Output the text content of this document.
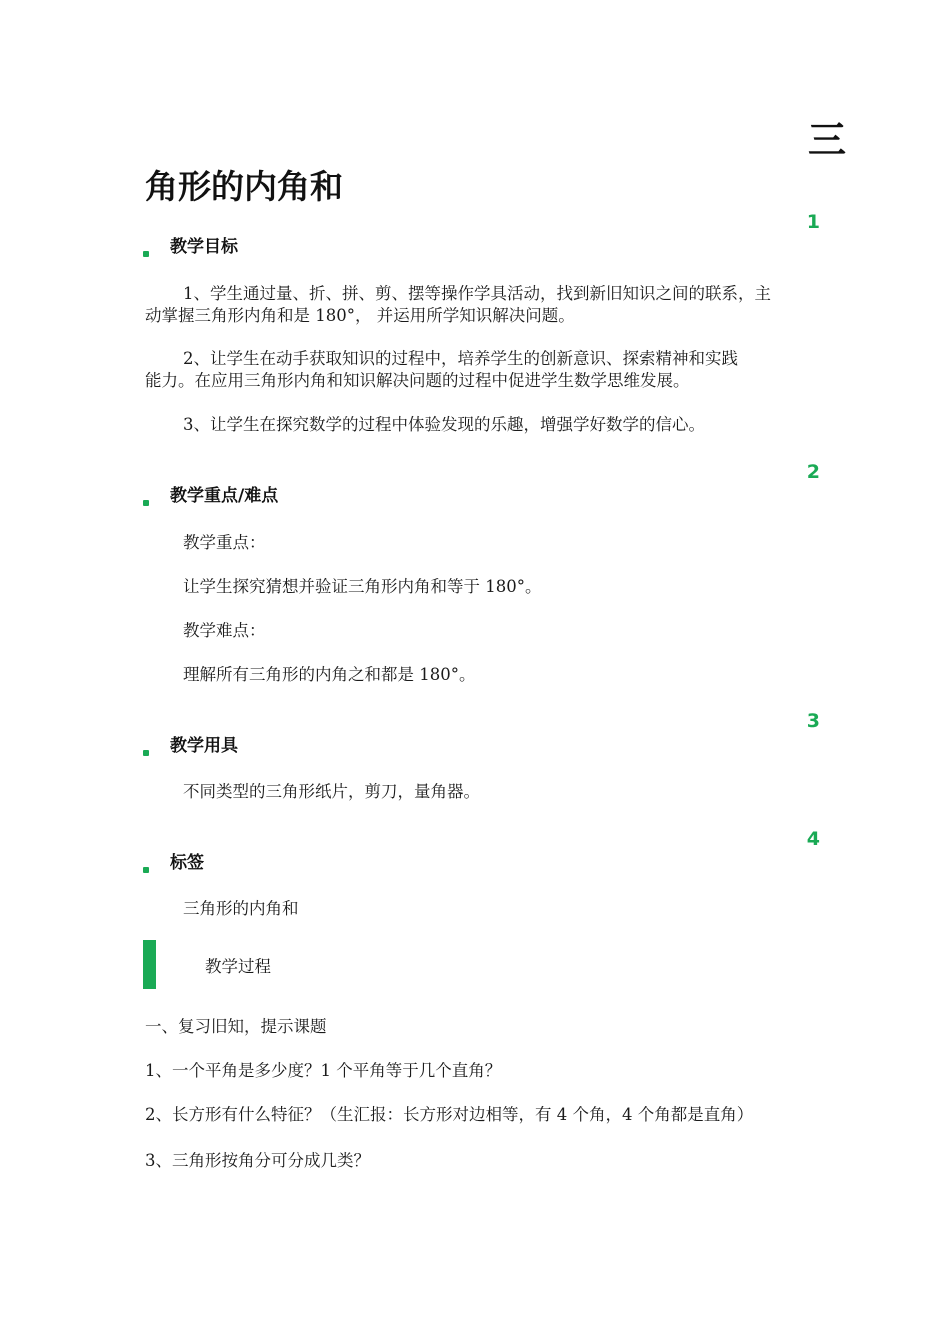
三
角形的内角和
1
教学目标
1、学生通过量、折、拼、剪、摆等操作学具活动，找到新旧知识之间的联系，主
动掌握三角形内角和是 180°， 并运用所学知识解决问题。
2、让学生在动手获取知识的过程中，培养学生的创新意识、探索精神和实践
能力。在应用三角形内角和知识解决问题的过程中促进学生数学思维发展。
3、让学生在探究数学的过程中体验发现的乐趣，增强学好数学的信心。
2
教学重点/难点
教学重点：
让学生探究猜想并验证三角形内角和等于 180°。
教学难点：
理解所有三角形的内角之和都是 180°。
3
教学用具
不同类型的三角形纸片，剪刀，量角器。
4
标签
三角形的内角和
教学过程
一、复习旧知，提示课题
1、一个平角是多少度？1 个平角等于几个直角？
2、长方形有什么特征？（生汇报：长方形对边相等，有 4 个角，4 个角都是直角）
3、三角形按角分可分成几类？
